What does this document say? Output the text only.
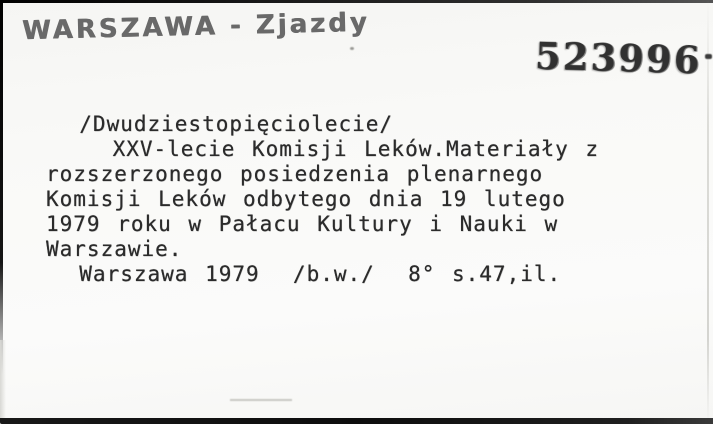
WARSZAWA - Zjazdy
523996
/Dwudziestopięciolecie/
XXV-lecie Komisji Leków.Materiały z
rozszerzonego posiedzenia plenarnego
Komisji Leków odbytego dnia 19 lutego
1979 roku w Pałacu Kultury i Nauki w
Warszawie.
Warszawa 1979  /b.w./  8° s.47,il.
